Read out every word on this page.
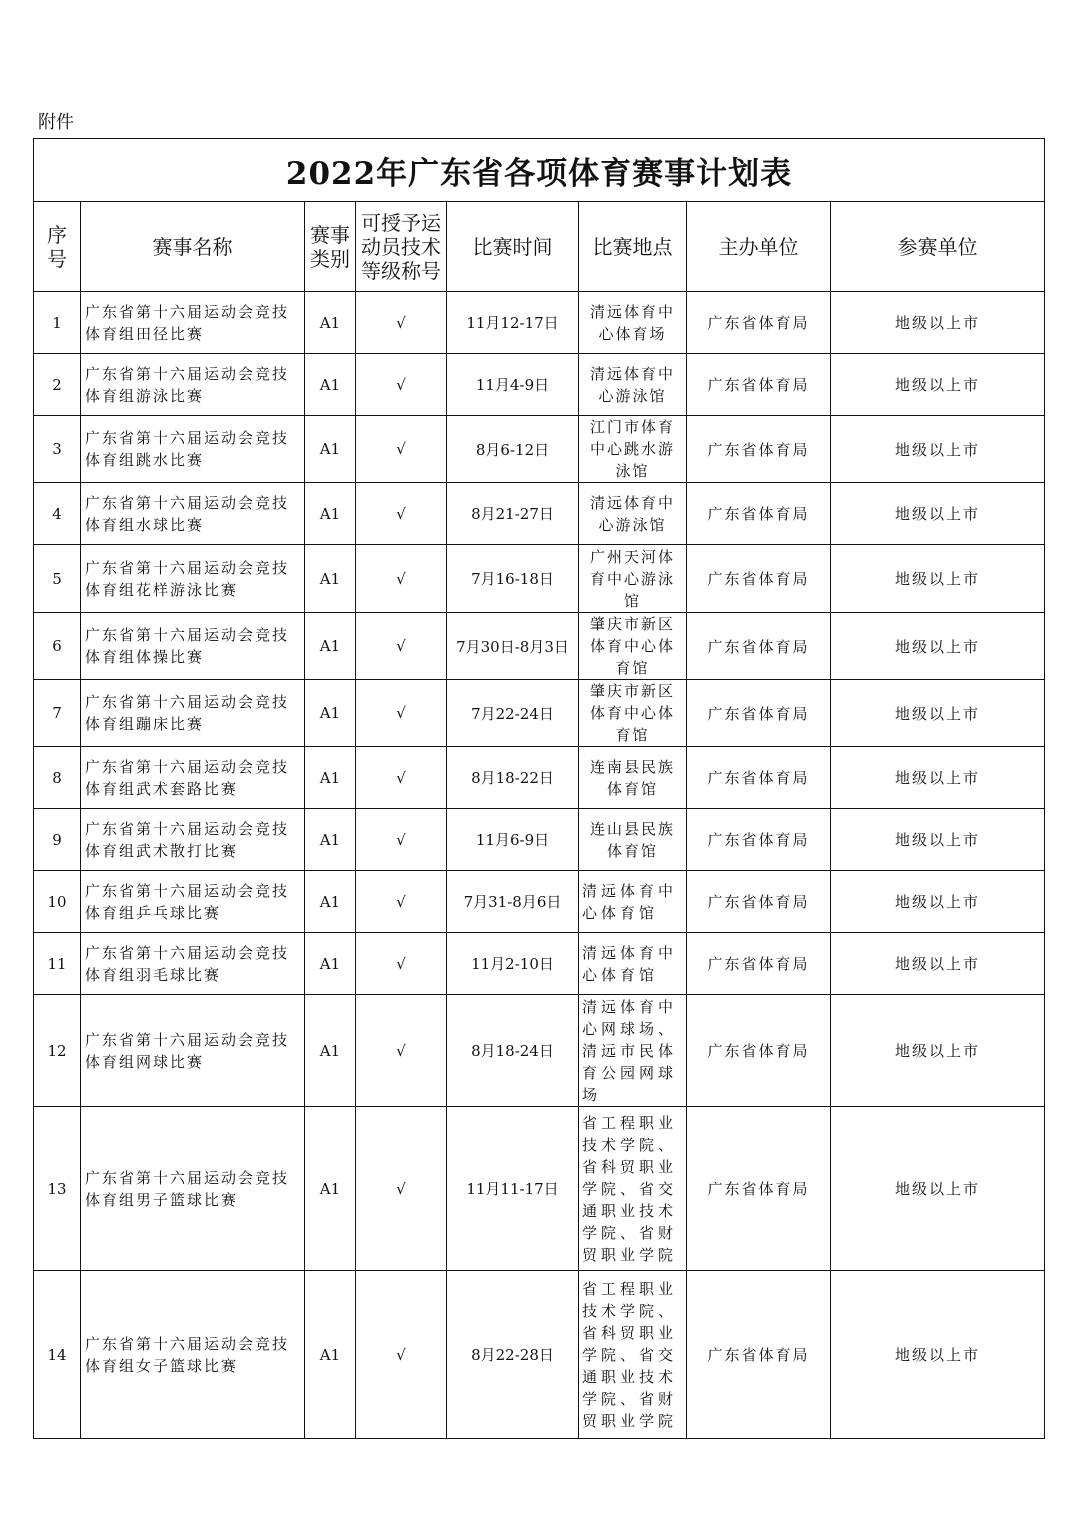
附件
2022年广东省各项体育赛事计划表							

序号	赛事名称	赛事类别	可授予运动员技术等级称号	比赛时间	比赛地点	主办单位	参赛单位
1	广东省第十六届运动会竞技体育组田径比赛	A1	√	11月12-17日	清远体育中心体育场	广东省体育局	地级以上市
2	广东省第十六届运动会竞技体育组游泳比赛	A1	√	11月4-9日	清远体育中心游泳馆	广东省体育局	地级以上市
3	广东省第十六届运动会竞技体育组跳水比赛	A1	√	8月6-12日	江门市体育中心跳水游泳馆	广东省体育局	地级以上市
4	广东省第十六届运动会竞技体育组水球比赛	A1	√	8月21-27日	清远体育中心游泳馆	广东省体育局	地级以上市
5	广东省第十六届运动会竞技体育组花样游泳比赛	A1	√	7月16-18日	广州天河体育中心游泳馆	广东省体育局	地级以上市
6	广东省第十六届运动会竞技体育组体操比赛	A1	√	7月30日-8月3日	肇庆市新区体育中心体育馆	广东省体育局	地级以上市
7	广东省第十六届运动会竞技体育组蹦床比赛	A1	√	7月22-24日	肇庆市新区体育中心体育馆	广东省体育局	地级以上市
8	广东省第十六届运动会竞技体育组武术套路比赛	A1	√	8月18-22日	连南县民族体育馆	广东省体育局	地级以上市
9	广东省第十六届运动会竞技体育组武术散打比赛	A1	√	11月6-9日	连山县民族体育馆	广东省体育局	地级以上市
10	广东省第十六届运动会竞技体育组乒乓球比赛	A1	√	7月31-8月6日	清远体育中心体育馆	广东省体育局	地级以上市
11	广东省第十六届运动会竞技体育组羽毛球比赛	A1	√	11月2-10日	清远体育中心体育馆	广东省体育局	地级以上市
12	广东省第十六届运动会竞技体育组网球比赛	A1	√	8月18-24日	清远体育中心网球场、清远市民体育公园网球场	广东省体育局	地级以上市
13	广东省第十六届运动会竞技体育组男子篮球比赛	A1	√	11月11-17日	省工程职业技术学院、省科贸职业学院、省交通职业技术学院、省财贸职业学院	广东省体育局	地级以上市
14	广东省第十六届运动会竞技体育组女子篮球比赛	A1	√	8月22-28日	省工程职业技术学院、省科贸职业学院、省交通职业技术学院、省财贸职业学院	广东省体育局	地级以上市
